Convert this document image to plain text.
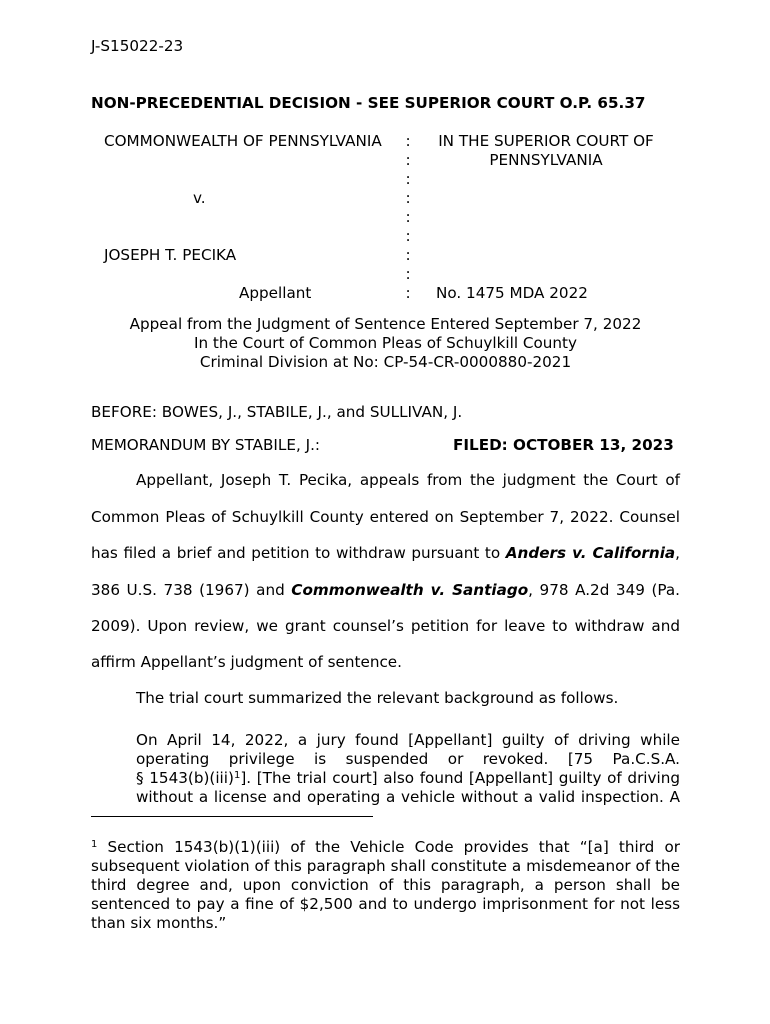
J-S15022-23
NON-PRECEDENTIAL DECISION - SEE SUPERIOR COURT O.P. 65.37
COMMONWEALTH OF PENNSYLVANIA
v.
JOSEPH T. PECIKA
Appellant
:
:
:
:
:
:
:
:
:
IN THE SUPERIOR COURT OF
PENNSYLVANIA
No. 1475 MDA 2022
Appeal from the Judgment of Sentence Entered September 7, 2022
In the Court of Common Pleas of Schuylkill County
Criminal Division at No: CP-54-CR-0000880-2021
BEFORE: BOWES, J., STABILE, J., and SULLIVAN, J.
MEMORANDUM BY STABILE, J.:	FILED: OCTOBER 13, 2023
Appellant, Joseph T. Pecika, appeals from the judgment the Court of
Common Pleas of Schuylkill County entered on September 7, 2022. Counsel
has filed a brief and petition to withdraw pursuant to Anders v. California,
386 U.S. 738 (1967) and Commonwealth v. Santiago, 978 A.2d 349 (Pa.
2009). Upon review, we grant counsel’s petition for leave to withdraw and
affirm Appellant’s judgment of sentence.
The trial court summarized the relevant background as follows.
On April 14, 2022, a jury found [Appellant] guilty of driving while
operating privilege is suspended or revoked. [75 Pa.C.S.A.
§ 1543(b)(iii)$^1$]. [The trial court] also found [Appellant] guilty of driving
without a license and operating a vehicle without a valid inspection. A
$^1$ Section 1543(b)(1)(iii) of the Vehicle Code provides that “[a] third or
subsequent violation of this paragraph shall constitute a misdemeanor of the
third degree and, upon conviction of this paragraph, a person shall be
sentenced to pay a fine of $2,500 and to undergo imprisonment for not less
than six months.”
